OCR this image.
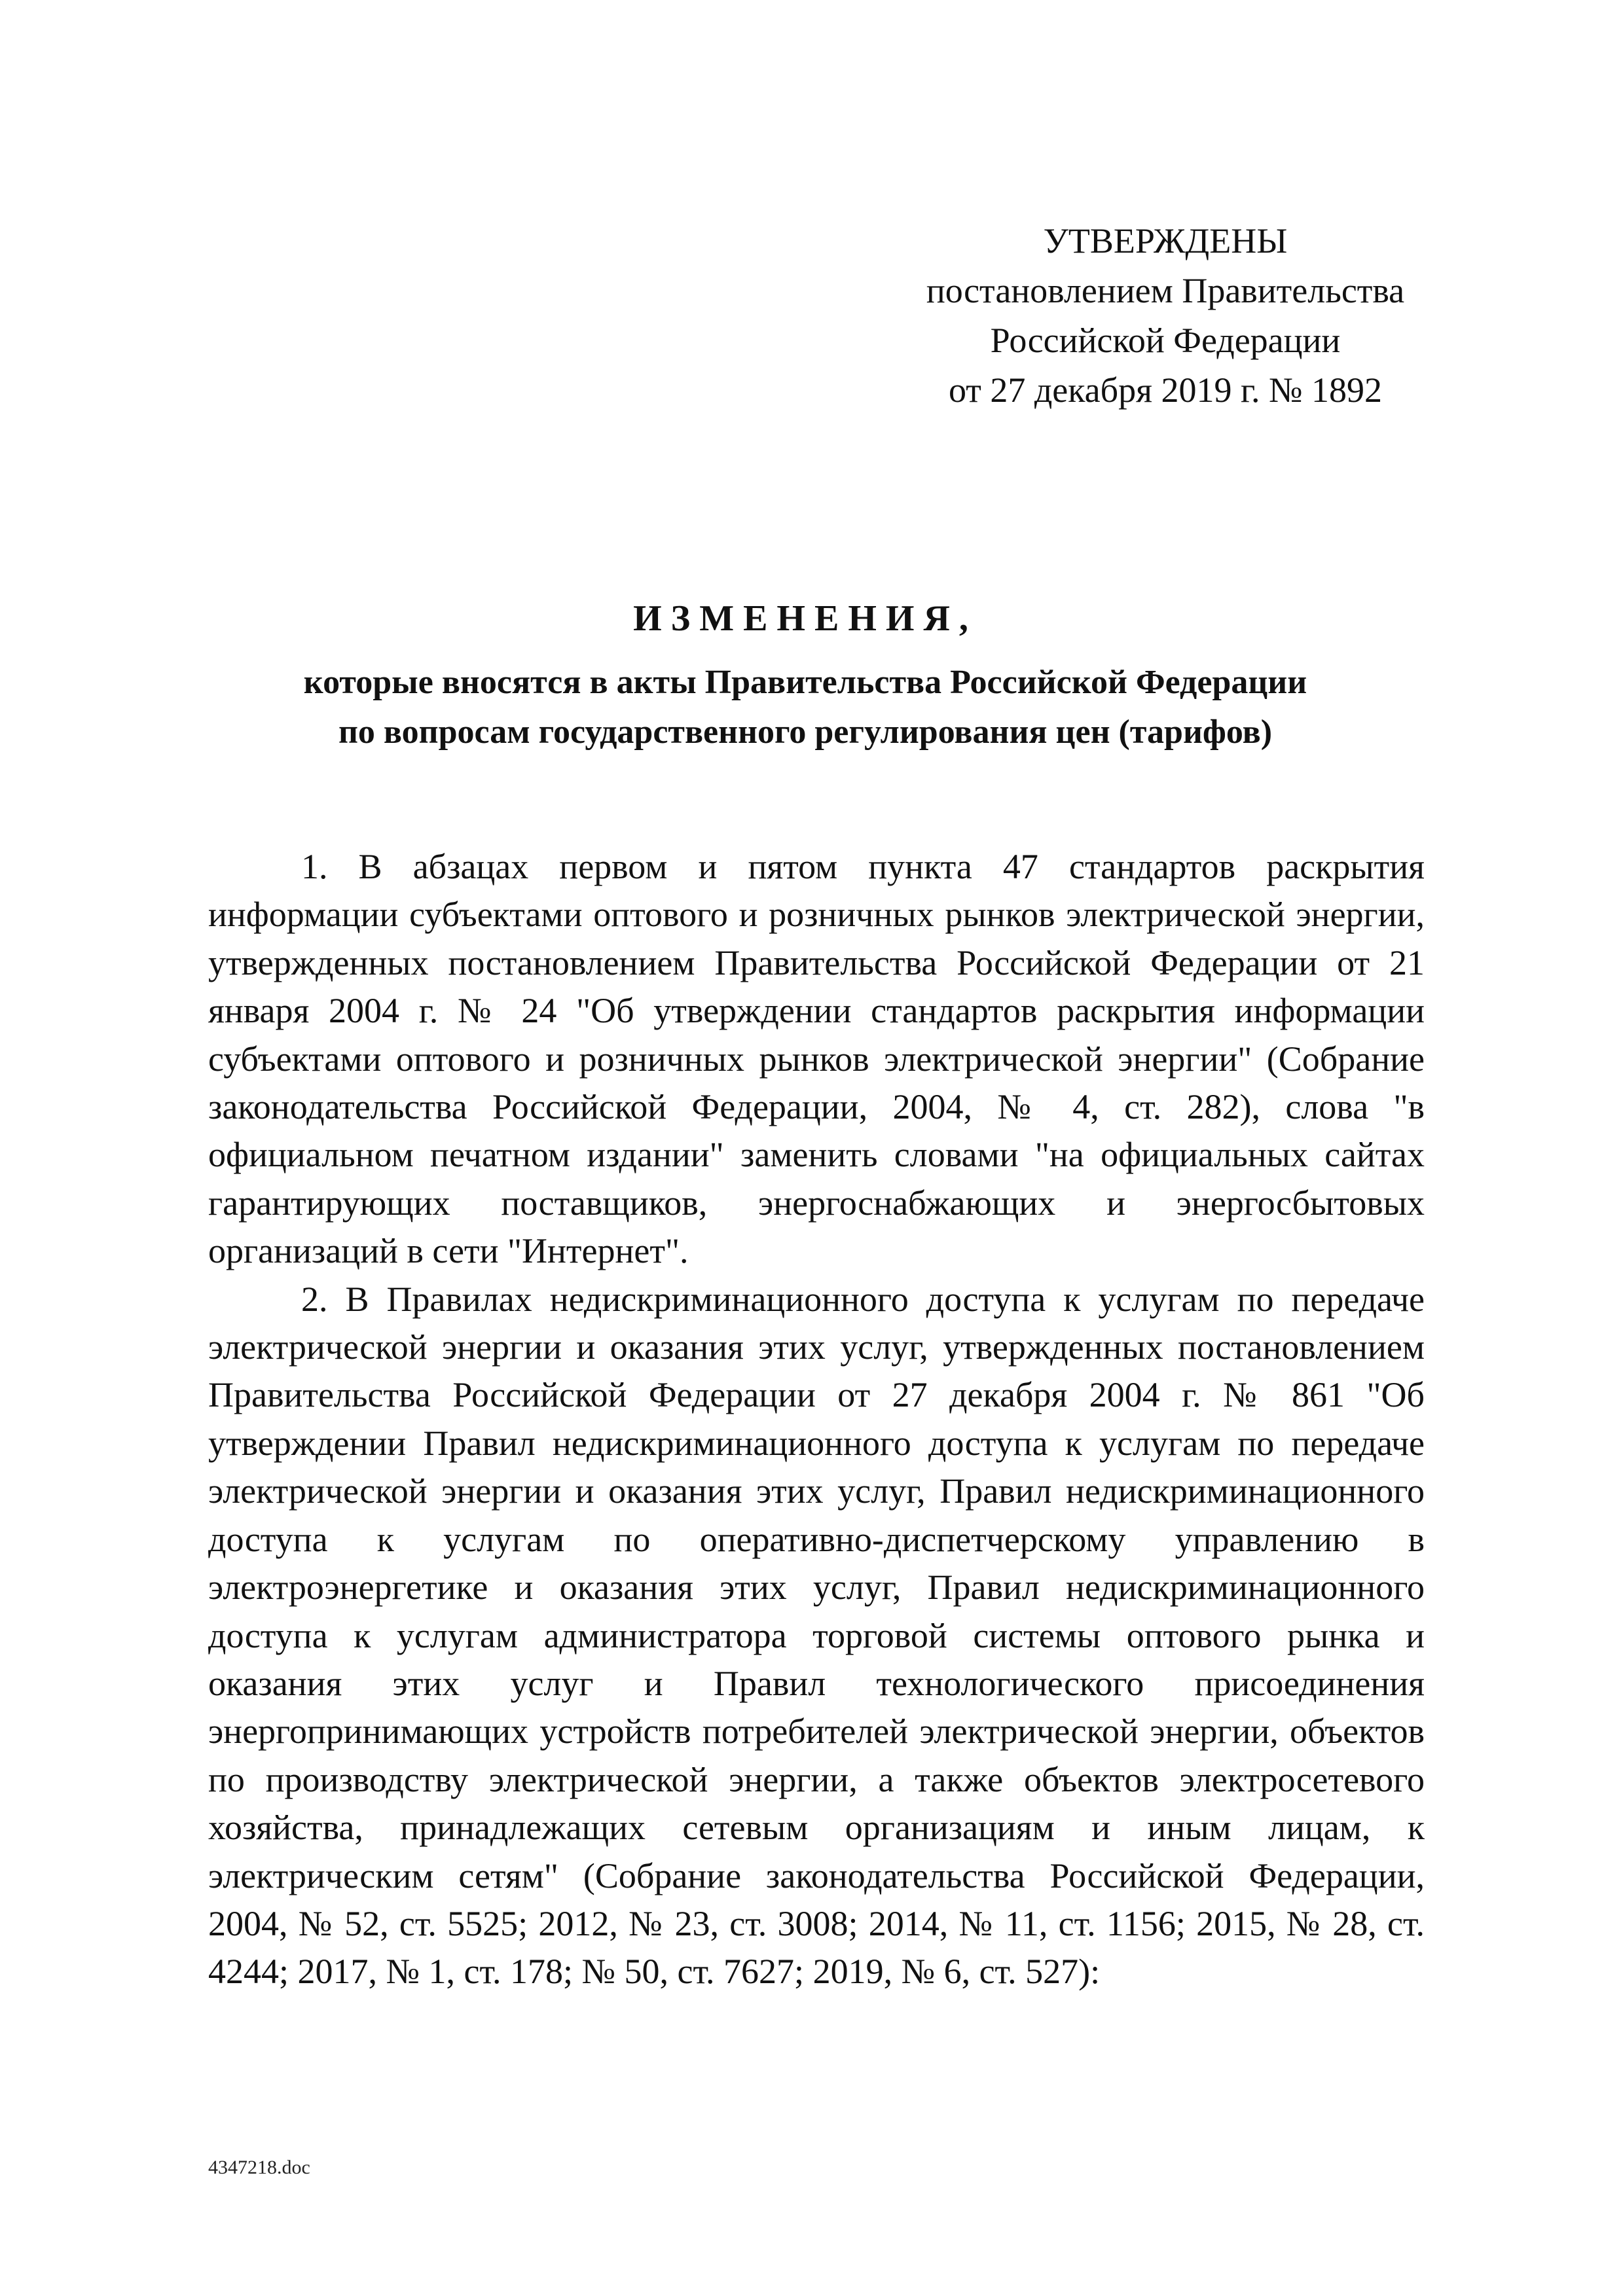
УТВЕРЖДЕНЫ
постановлением Правительства
Российской Федерации
от 27 декабря 2019 г. № 1892
ИЗМЕНЕНИЯ,
которые вносятся в акты Правительства Российской Федерации
по вопросам государственного регулирования цен (тарифов)

1. В абзацах первом и пятом пункта 47 стандартов раскрытия информации субъектами оптового и розничных рынков электрической энергии, утвержденных постановлением Правительства Российской Федерации от 21 января 2004 г. № 24 "Об утверждении стандартов раскрытия информации субъектами оптового и розничных рынков электрической энергии" (Собрание законодательства Российской Федерации, 2004, № 4, ст. 282), слова "в официальном печатном издании" заменить словами "на официальных сайтах гарантирующих поставщиков, энергоснабжающих и энергосбытовых организаций в сети "Интернет".

2. В Правилах недискриминационного доступа к услугам по передаче электрической энергии и оказания этих услуг, утвержденных постановлением Правительства Российской Федерации от 27 декабря 2004 г. № 861 "Об утверждении Правил недискриминационного доступа к услугам по передаче электрической энергии и оказания этих услуг, Правил недискриминационного доступа к услугам по оперативно-диспетчерскому управлению в электроэнергетике и оказания этих услуг, Правил недискриминационного доступа к услугам администратора торговой системы оптового рынка и оказания этих услуг и Правил технологического присоединения энергопринимающих устройств потребителей электрической энергии, объектов по производству электрической энергии, а также объектов электросетевого хозяйства, принадлежащих сетевым организациям и иным лицам, к электрическим сетям" (Собрание законодательства Российской Федерации, 2004, № 52, ст. 5525; 2012, № 23, ст. 3008; 2014, № 11, ст. 1156; 2015, № 28, ст. 4244; 2017, № 1, ст. 178; № 50, ст. 7627; 2019, № 6, ст. 527):

4347218.doc
